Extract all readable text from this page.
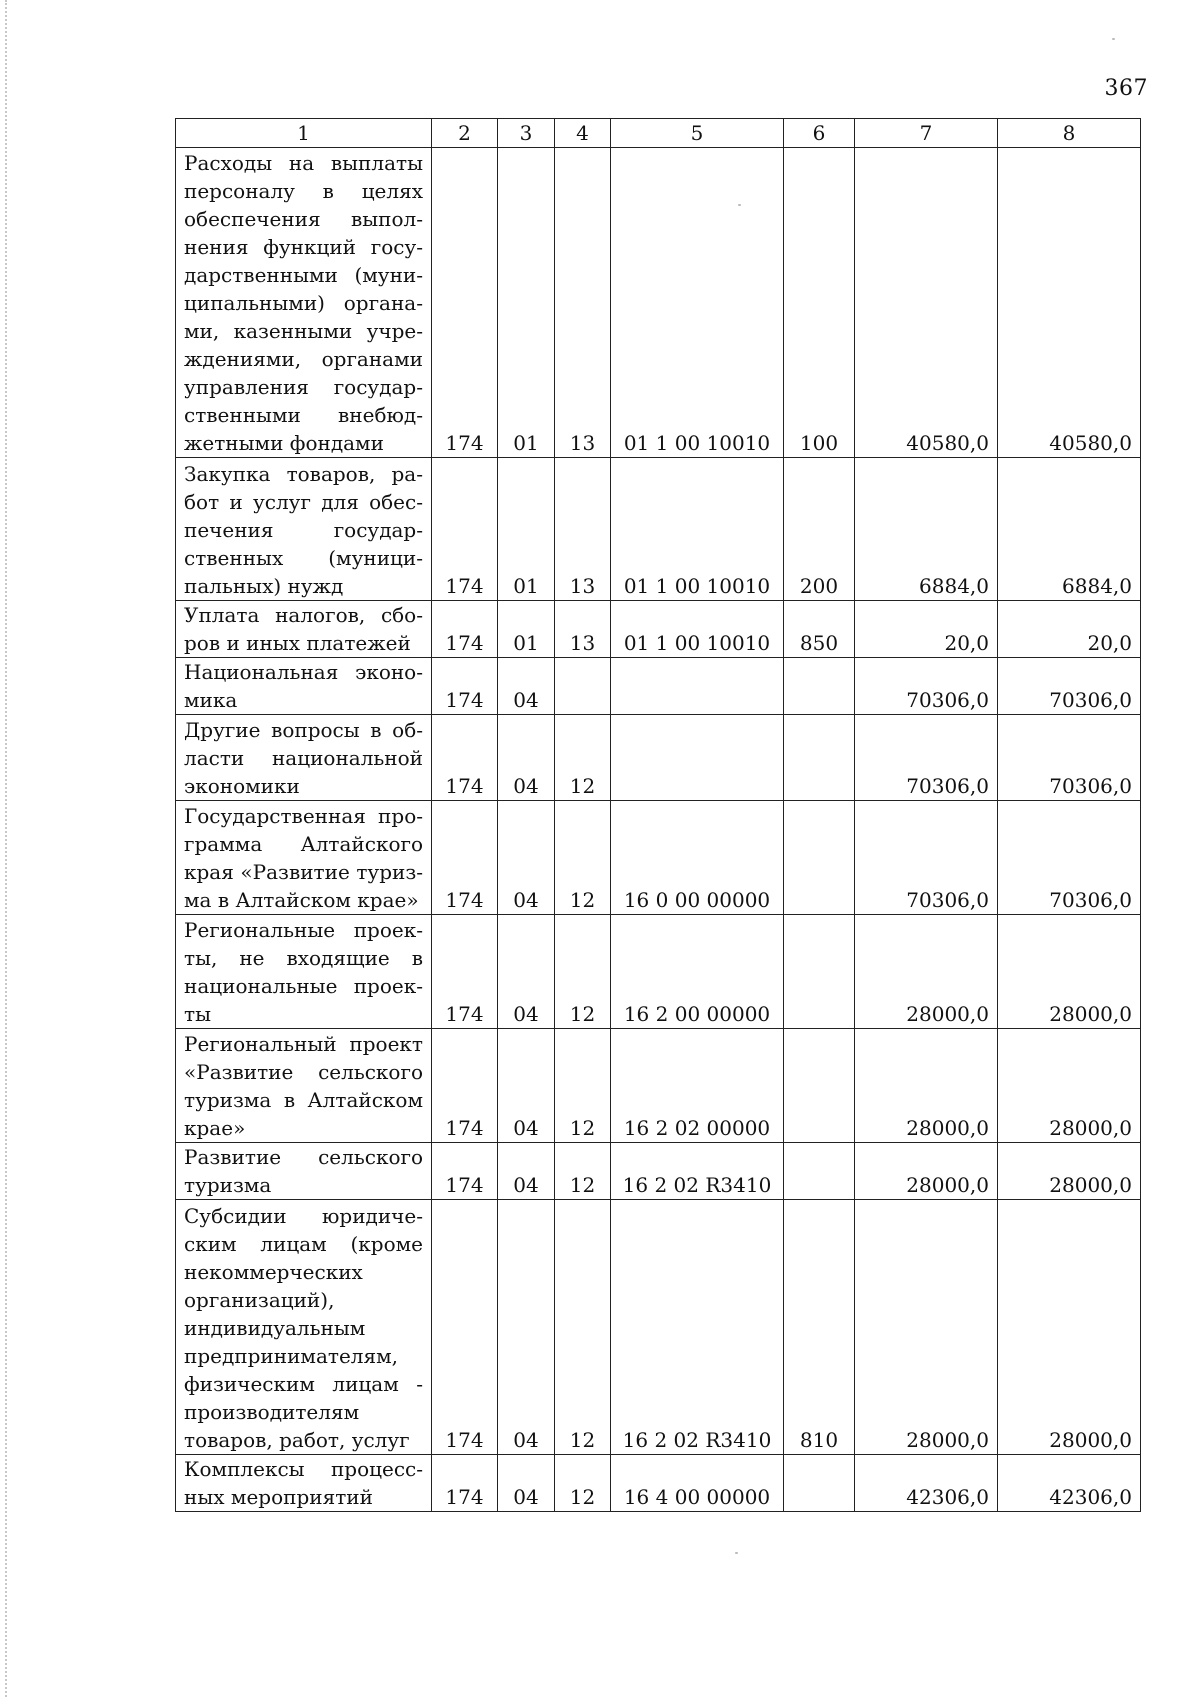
367
1	2	3	4	5	6	7	8
Расходы на выплаты персоналу в целях обеспечения выполнения функций государственными (муниципальными) органами, казенными учреждениями, органами управления государственными внебюджетными фондами	174	01	13	01 1 00 10010	100	40580,0	40580,0
Закупка товаров, работ и услуг для обеспечения государственных (муниципальных) нужд	174	01	13	01 1 00 10010	200	6884,0	6884,0
Уплата налогов, сборов и иных платежей	174	01	13	01 1 00 10010	850	20,0	20,0
Национальная экономика	174	04				70306,0	70306,0
Другие вопросы в области национальной экономики	174	04	12			70306,0	70306,0
Государственная программа Алтайского края «Развитие туризма в Алтайском крае»	174	04	12	16 0 00 00000		70306,0	70306,0
Региональные проекты, не входящие в национальные проекты	174	04	12	16 2 00 00000		28000,0	28000,0
Региональный проект «Развитие сельского туризма в Алтайском крае»	174	04	12	16 2 02 00000		28000,0	28000,0
Развитие сельского туризма	174	04	12	16 2 02 R3410		28000,0	28000,0
Субсидии юридическим лицам (кроме некоммерческих организаций), индивидуальным предпринимателям, физическим лицам - производителям товаров, работ, услуг	174	04	12	16 2 02 R3410	810	28000,0	28000,0
Комплексы процессных мероприятий	174	04	12	16 4 00 00000		42306,0	42306,0
